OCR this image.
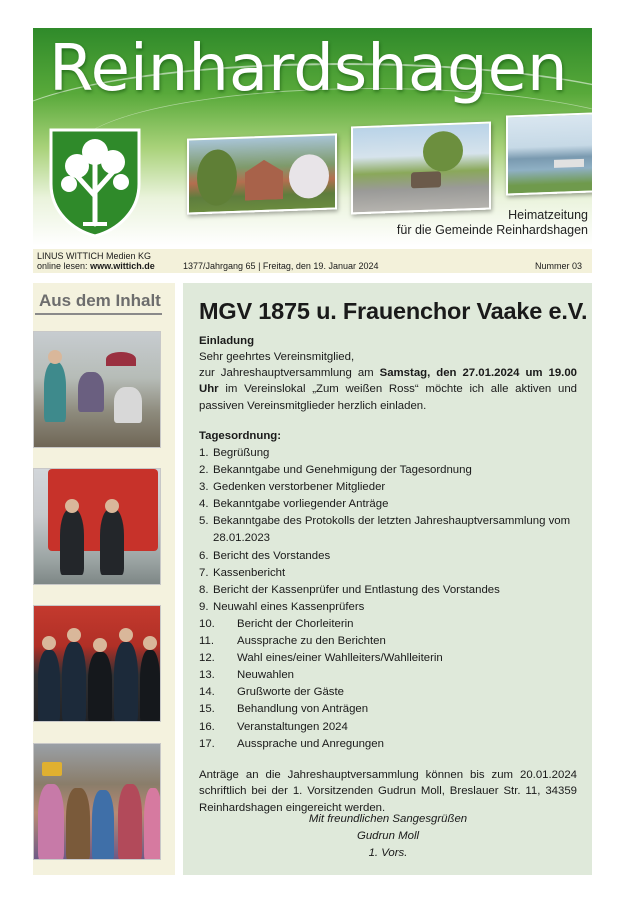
Reinhardshagen
Heimatzeitung
für die Gemeinde Reinhardshagen
LINUS WITTICH Medien KG
online lesen: www.wittich.de	1377/Jahrgang 65 | Freitag, den 19. Januar 2024	Nummer 03
Aus dem Inhalt MGV 1875 u. Frauenchor Vaake e.V.
Einladung
Sehr geehrtes Vereinsmitglied,
zur Jahreshauptversammlung am Samstag, den 27.01.2024 um 19.00 Uhr im Vereinslokal „Zum weißen Ross“ möchte ich alle aktiven und passiven Vereinsmitglieder herzlich einladen.
Tagesordnung:
1. Begrüßung
2. Bekanntgabe und Genehmigung der Tagesordnung
3. Gedenken verstorbener Mitglieder
4. Bekanntgabe vorliegender Anträge
5. Bekanntgabe des Protokolls der letzten Jahreshauptversammlung vom 28.01.2023
6. Bericht des Vorstandes
7. Kassenbericht
8. Bericht der Kassenprüfer und Entlastung des Vorstandes
9. Neuwahl eines Kassenprüfers
10.	Bericht der Chorleiterin
11.	Aussprache zu den Berichten
12.	Wahl eines/einer Wahlleiters/Wahlleiterin
13.	Neuwahlen
14.	Grußworte der Gäste
15.	Behandlung von Anträgen
16.	Veranstaltungen 2024
17.	Aussprache und Anregungen
Anträge an die Jahreshauptversammlung können bis zum 20.01.2024 schriftlich bei der 1. Vorsitzenden Gudrun Moll, Breslauer Str. 11, 34359 Reinhardshagen eingereicht werden.
Mit freundlichen Sangesgrüßen
Gudrun Moll
1. Vors.
